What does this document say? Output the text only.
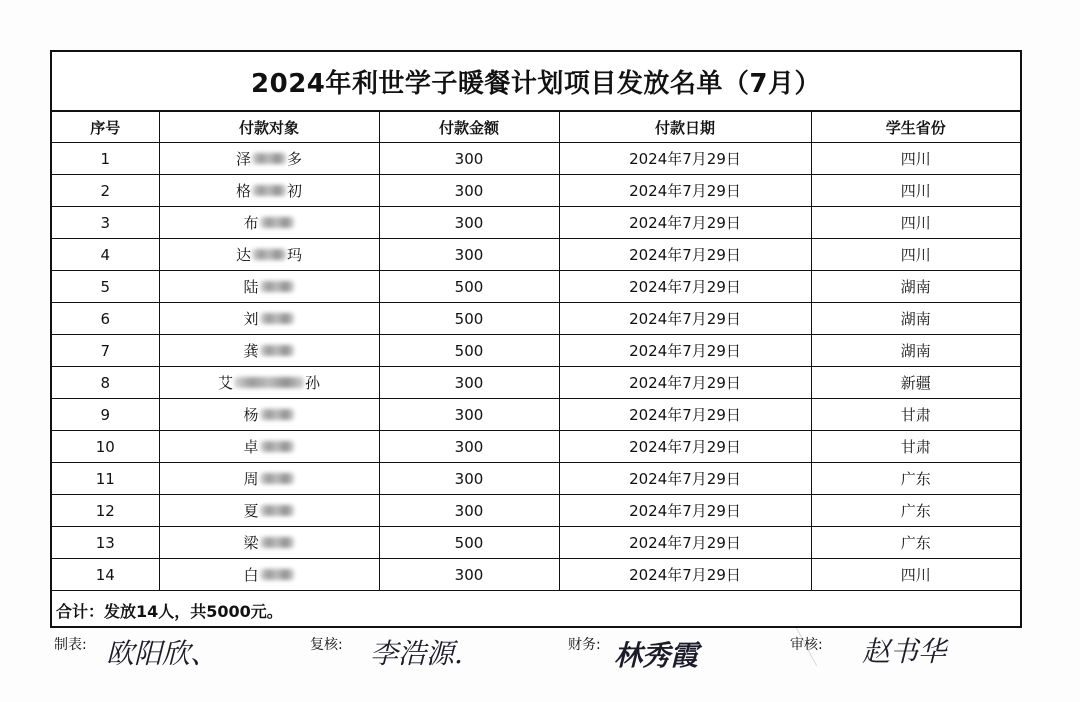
2024年利世学子暖餐计划项目发放名单（7月）
序号	付款对象	付款金额	付款日期	学生省份
1	泽 多	300	2024年7月29日	四川
2	格 初	300	2024年7月29日	四川
3	布	300	2024年7月29日	四川
4	达 玛	300	2024年7月29日	四川
5	陆	500	2024年7月29日	湖南
6	刘	500	2024年7月29日	湖南
7	龚	500	2024年7月29日	湖南
8	艾 孙	300	2024年7月29日	新疆
9	杨	300	2024年7月29日	甘肃
10	卓	300	2024年7月29日	甘肃
11	周	300	2024年7月29日	广东
12	夏	300	2024年7月29日	广东
13	梁	500	2024年7月29日	广东
14	白	300	2024年7月29日	四川
合计：发放14人，共5000元。
制表: 欧阳欣、	复核: 李浩源.	财务: 林秀霞	审核: 赵书华
